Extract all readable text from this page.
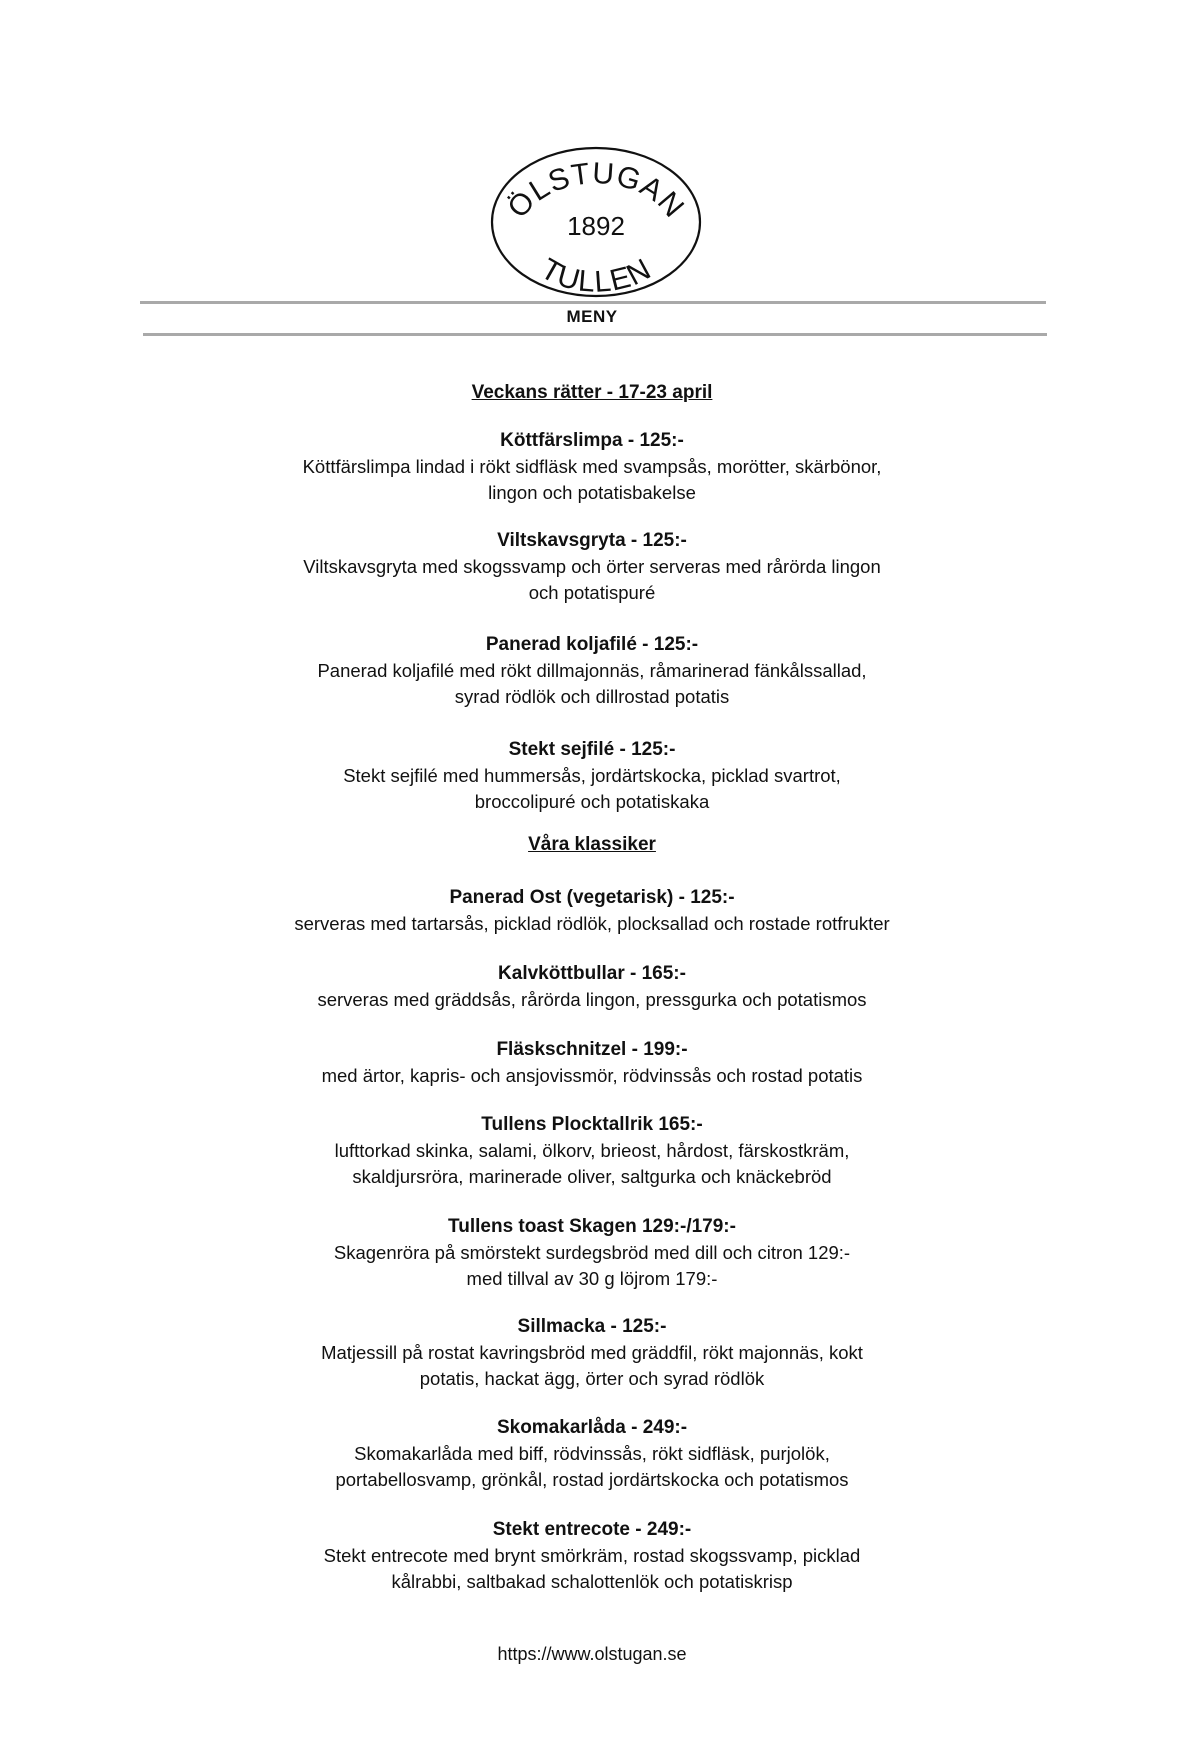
ÖLSTUGAN
1892
TULLEN
MENY
Veckans rätter - 17-23 april
Köttfärslimpa - 125:-
Köttfärslimpa lindad i rökt sidfläsk med svampsås, morötter, skärbönor,
lingon och potatisbakelse
Viltskavsgryta - 125:-
Viltskavsgryta med skogssvamp och örter serveras med rårörda lingon
och potatispuré
Panerad koljafilé - 125:-
Panerad koljafilé med rökt dillmajonnäs, råmarinerad fänkålssallad,
syrad rödlök och dillrostad potatis
Stekt sejfilé - 125:-
Stekt sejfilé med hummersås, jordärtskocka, picklad svartrot,
broccolipuré och potatiskaka
Våra klassiker
Panerad Ost (vegetarisk) - 125:-
serveras med tartarsås, picklad rödlök, plocksallad och rostade rotfrukter
Kalvköttbullar - 165:-
serveras med gräddsås, rårörda lingon, pressgurka och potatismos
Fläskschnitzel - 199:-
med ärtor, kapris- och ansjovissmör, rödvinssås och rostad potatis
Tullens Plocktallrik 165:-
lufttorkad skinka, salami, ölkorv, brieost, hårdost, färskostkräm,
skaldjursröra, marinerade oliver, saltgurka och knäckebröd
Tullens toast Skagen 129:-/179:-
Skagenröra på smörstekt surdegsbröd med dill och citron 129:-
med tillval av 30 g löjrom 179:-
Sillmacka - 125:-
Matjessill på rostat kavringsbröd med gräddfil, rökt majonnäs, kokt
potatis, hackat ägg, örter och syrad rödlök
Skomakarlåda - 249:-
Skomakarlåda med biff, rödvinssås, rökt sidfläsk, purjolök,
portabellosvamp, grönkål, rostad jordärtskocka och potatismos
Stekt entrecote - 249:-
Stekt entrecote med brynt smörkräm, rostad skogssvamp, picklad
kålrabbi, saltbakad schalottenlök och potatiskrisp
https://www.olstugan.se
